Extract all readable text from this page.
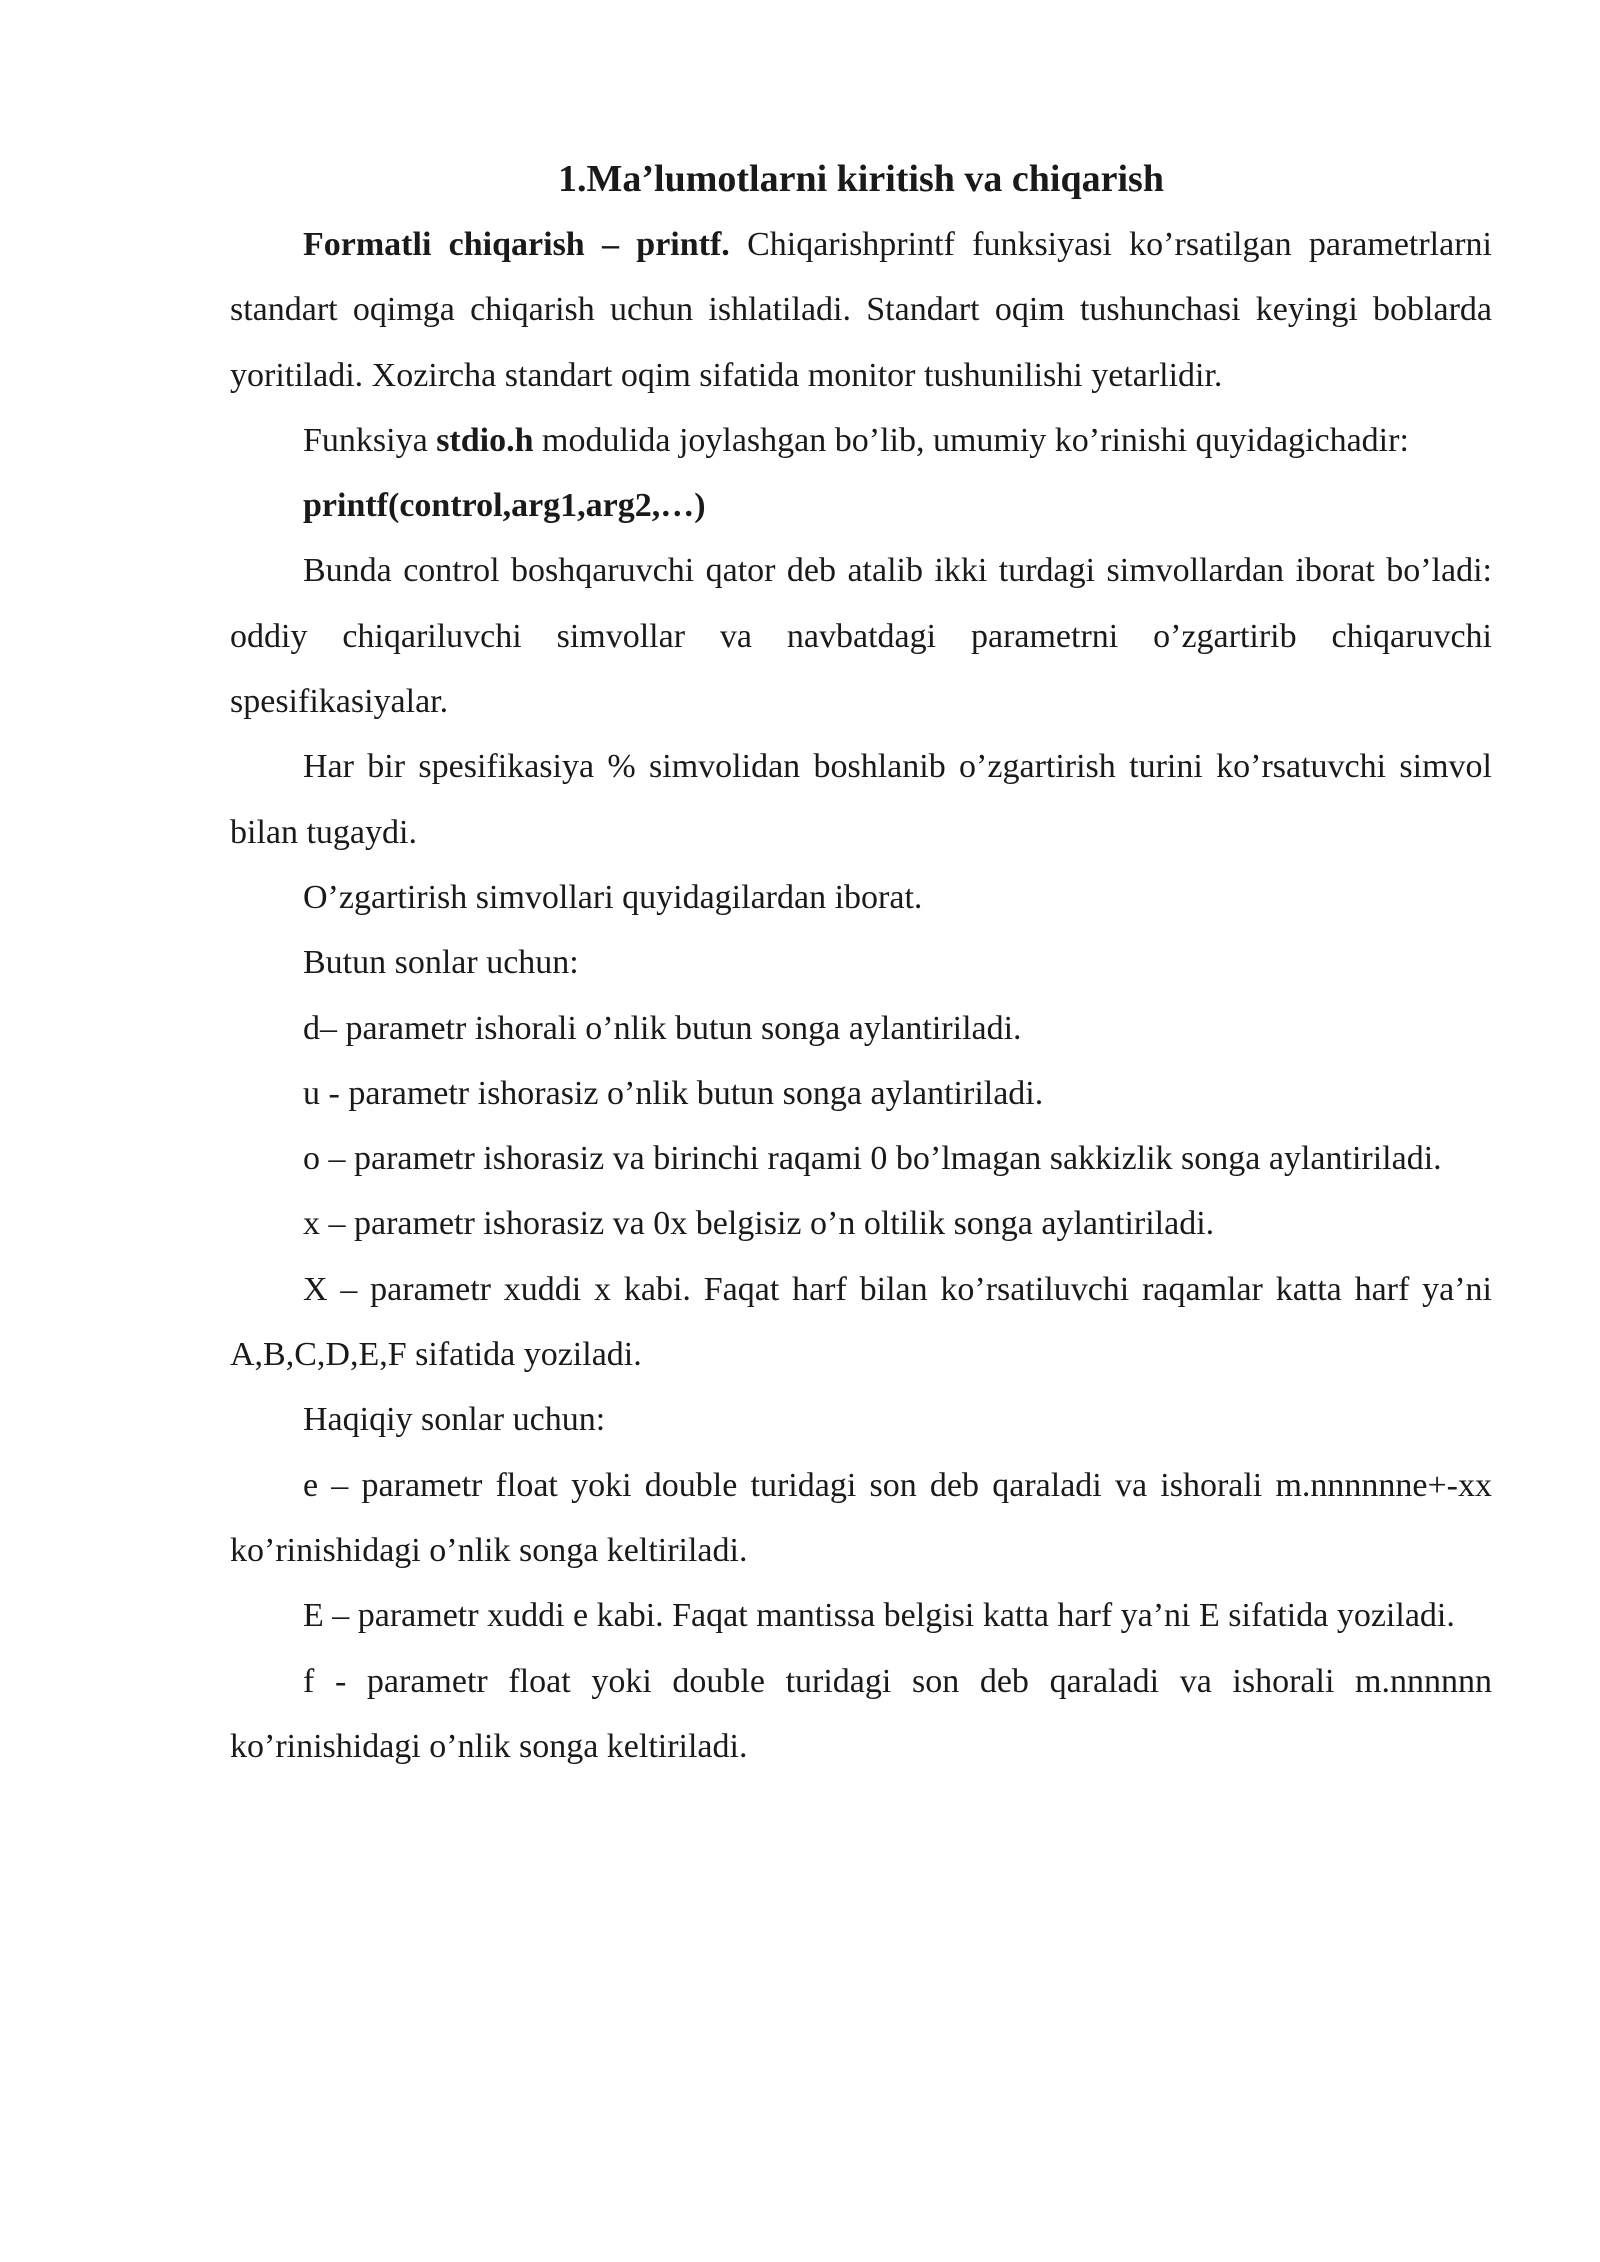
1.Ma’lumotlarni kiritish va chiqarish

Formatli chiqarish – printf. Chiqarishprintf funksiyasi ko’rsatilgan parametrlarni standart oqimga chiqarish uchun ishlatiladi. Standart oqim tushunchasi keyingi boblarda yoritiladi. Xozircha standart oqim sifatida monitor tushunilishi yetarlidir.

Funksiya stdio.h modulida joylashgan bo’lib, umumiy ko’rinishi quyidagichadir:

printf(control,arg1,arg2,…)

Bunda control boshqaruvchi qator deb atalib ikki turdagi simvollardan iborat bo’ladi: oddiy chiqariluvchi simvollar va navbatdagi parametrni o’zgartirib chiqaruvchi spesifikasiyalar.

Har bir spesifikasiya % simvolidan boshlanib o’zgartirish turini ko’rsatuvchi simvol bilan tugaydi.

O’zgartirish simvollari quyidagilardan iborat.

Butun sonlar uchun:

d– parametr ishorali o’nlik butun songa aylantiriladi.

u - parametr ishorasiz o’nlik butun songa aylantiriladi.

o – parametr ishorasiz va birinchi raqami 0 bo’lmagan sakkizlik songa aylantiriladi.

x – parametr ishorasiz va 0x belgisiz o’n oltilik songa aylantiriladi.

X – parametr xuddi x kabi. Faqat harf bilan ko’rsatiluvchi raqamlar katta harf ya’ni A,B,C,D,E,F sifatida yoziladi.

Haqiqiy sonlar uchun:

e – parametr float yoki double turidagi son deb qaraladi va ishorali m.nnnnnne+-xx ko’rinishidagi o’nlik songa keltiriladi.

E – parametr xuddi e kabi. Faqat mantissa belgisi katta harf ya’ni E sifatida yoziladi.

f - parametr float yoki double turidagi son deb qaraladi va ishorali m.nnnnnn ko’rinishidagi o’nlik songa keltiriladi.
